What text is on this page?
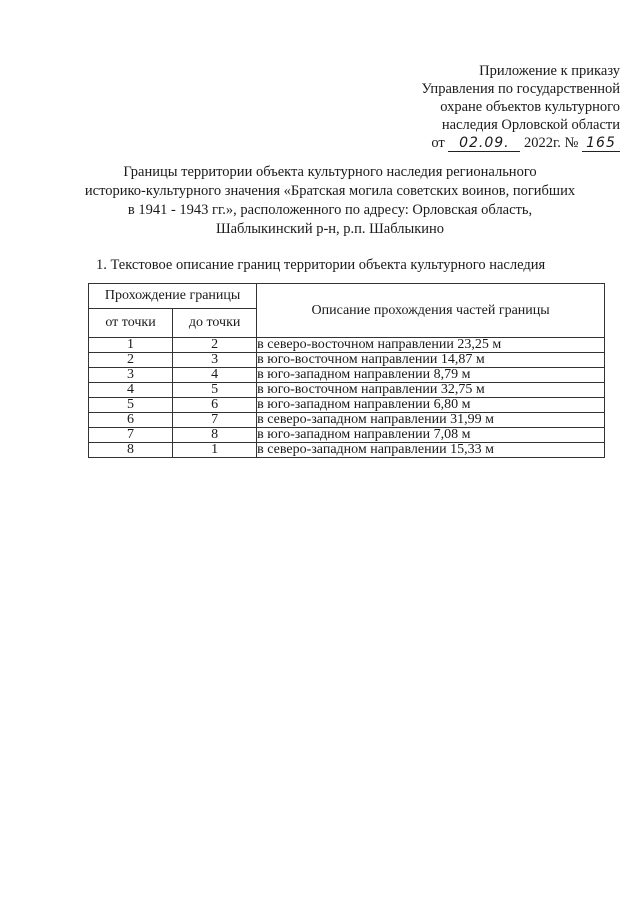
Приложение к приказу
Управления по государственной
охране объектов культурного
наследия Орловской области
от 02.09. 2022г. № 165
Границы территории объекта культурного наследия регионального
историко-культурного значения «Братская могила советских воинов, погибших
в 1941 - 1943 гг.», расположенного по адресу: Орловская область,
Шаблыкинский р-н, р.п. Шаблыкино
1. Текстовое описание границ территории объекта культурного наследия
Прохождение границы		Описание прохождения частей границы
от точки	до точки	
1	2	в северо-восточном направлении 23,25 м
2	3	в юго-восточном направлении 14,87 м
3	4	в юго-западном направлении 8,79 м
4	5	в юго-восточном направлении 32,75 м
5	6	в юго-западном направлении 6,80 м
6	7	в северо-западном направлении 31,99 м
7	8	в юго-западном направлении 7,08 м
8	1	в северо-западном направлении 15,33 м
